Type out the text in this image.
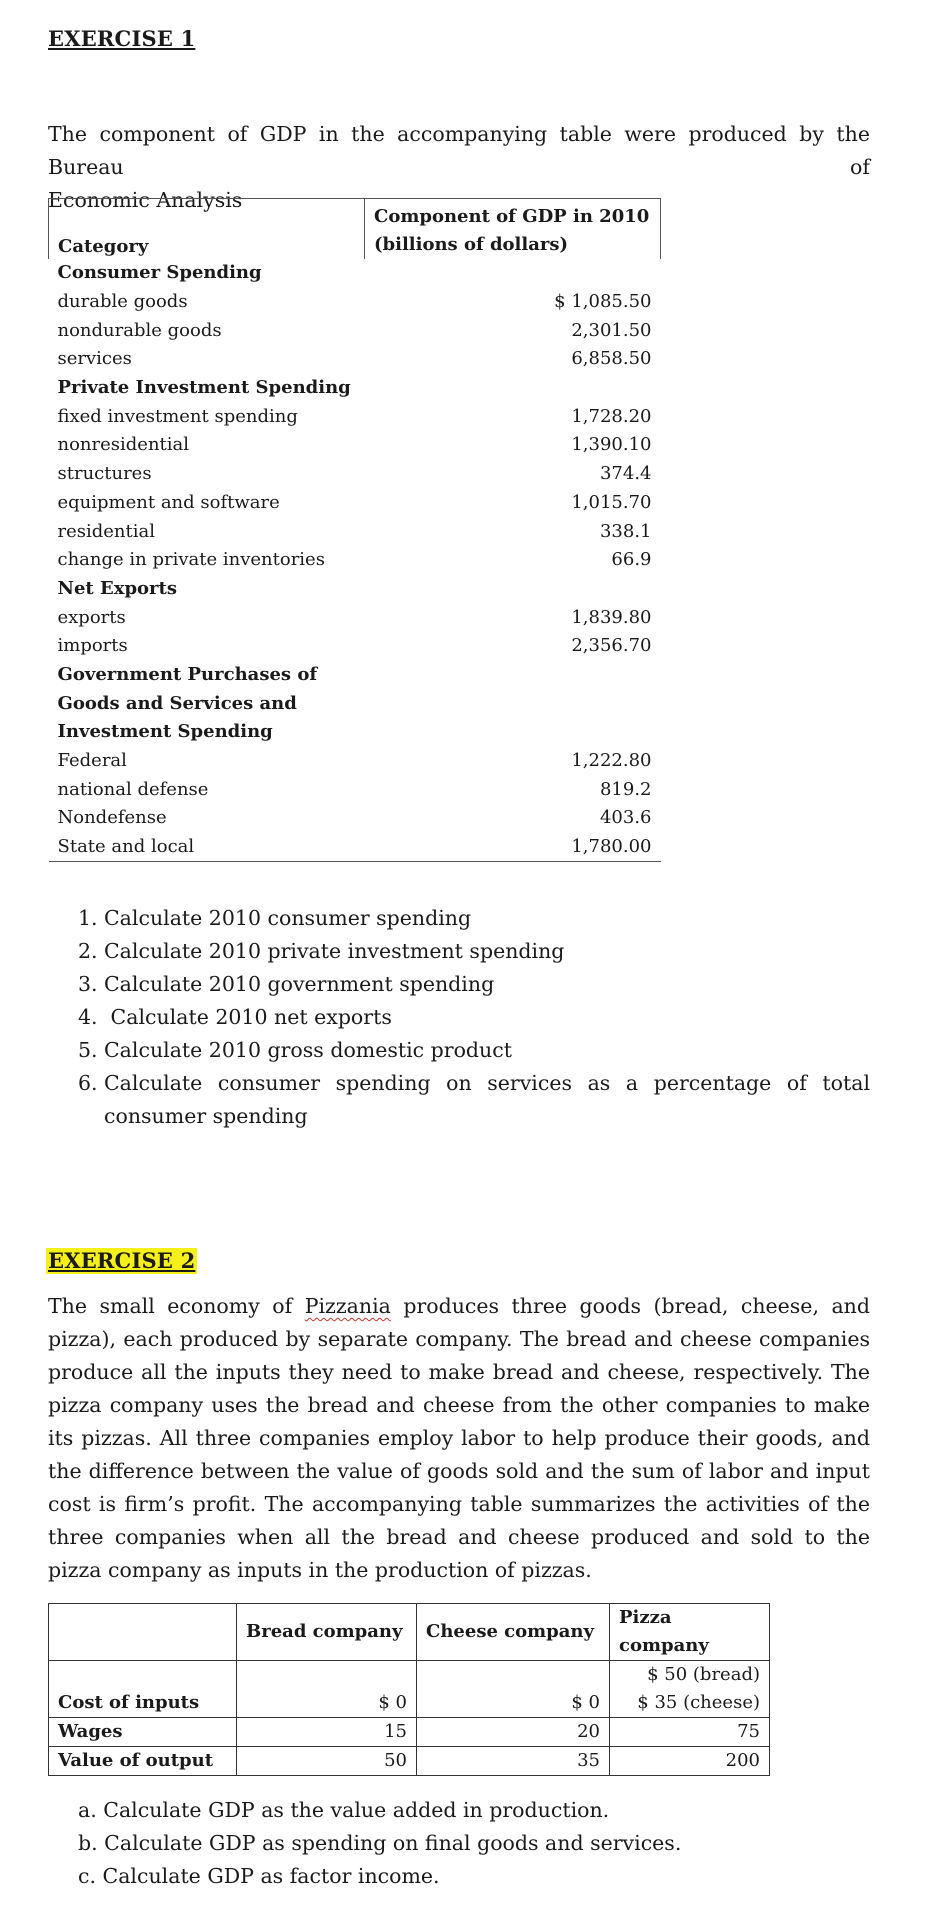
EXERCISE 1
The component of GDP in the accompanying table were produced by the Bureau of
Economic Analysis
Category	Component of GDP in 2010
(billions of dollars)

Consumer Spending	
durable goods	$ 1,085.50
nondurable goods	2,301.50
services	6,858.50
Private Investment Spending	
fixed investment spending	1,728.20
nonresidential	1,390.10
structures	374.4
equipment and software	1,015.70
residential	338.1
change in private inventories	66.9
Net Exports	
exports	1,839.80
imports	2,356.70
Government Purchases of	
Goods and Services and	
Investment Spending	
Federal	1,222.80
national defense	819.2
Nondefense	403.6
State and local	1,780.00
1. Calculate 2010 consumer spending
2. Calculate 2010 private investment spending
3. Calculate 2010 government spending
4. Calculate 2010 net exports
5. Calculate 2010 gross domestic product
6. Calculate consumer spending on services as a percentage of total consumer spending
EXERCISE 2
The small economy of Pizzania produces three goods (bread, cheese, and pizza), each produced by separate company. The bread and cheese companies produce all the inputs they need to make bread and cheese, respectively. The pizza company uses the bread and cheese from the other companies to make its pizzas. All three companies employ labor to help produce their goods, and the difference between the value of goods sold and the sum of labor and input cost is firm’s profit. The accompanying table summarizes the activities of the three companies when all the bread and cheese produced and sold to the pizza company as inputs in the production of pizzas.
	Bread company	Cheese company	Pizza company
Cost of inputs	$ 0	$ 0	$ 50 (bread)
$ 35 (cheese)

Wages	15	20	75
Value of output	50	35	200
a. Calculate GDP as the value added in production.
b. Calculate GDP as spending on final goods and services.
c. Calculate GDP as factor income.
